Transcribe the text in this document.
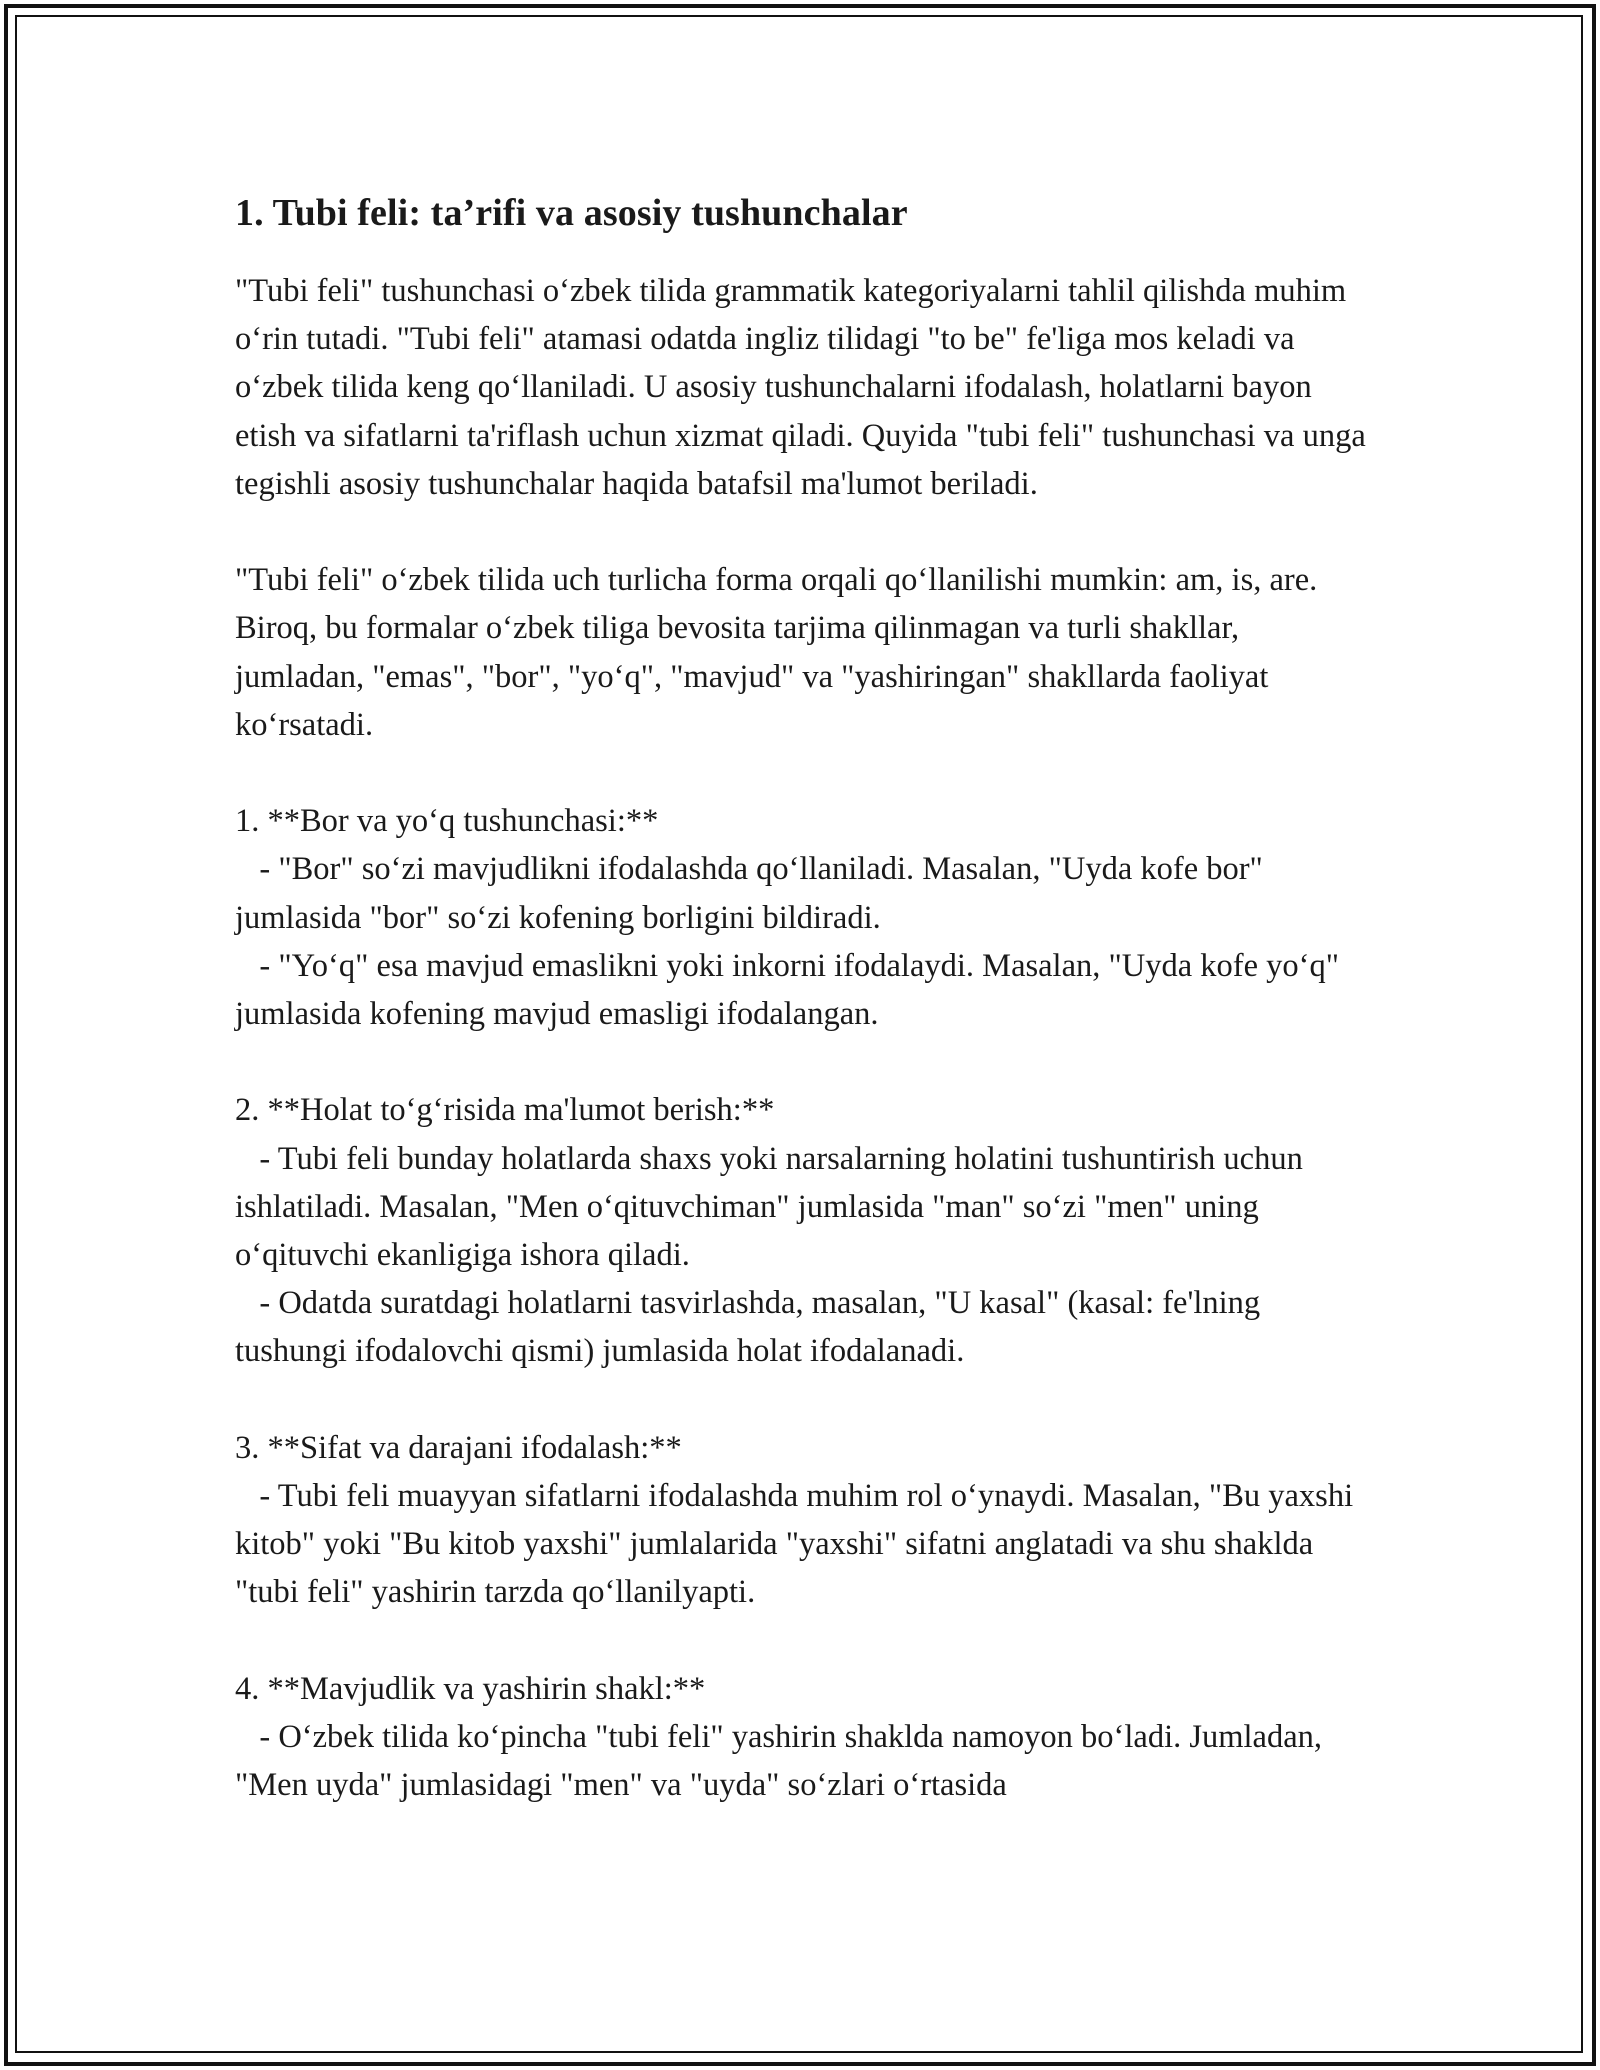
1. Tubi feli: ta’rifi va asosiy tushunchalar

"Tubi feli" tushunchasi o‘zbek tilida grammatik kategoriyalarni tahlil qilishda muhim o‘rin tutadi. "Tubi feli" atamasi odatda ingliz tilidagi "to be" fe'liga mos keladi va o‘zbek tilida keng qo‘llaniladi. U asosiy tushunchalarni ifodalash, holatlarni bayon etish va sifatlarni ta'riflash uchun xizmat qiladi. Quyida "tubi feli" tushunchasi va unga tegishli asosiy tushunchalar haqida batafsil ma'lumot beriladi.

"Tubi feli" o‘zbek tilida uch turlicha forma orqali qo‘llanilishi mumkin: am, is, are. Biroq, bu formalar o‘zbek tiliga bevosita tarjima qilinmagan va turli shakllar, jumladan, "emas", "bor", "yo‘q", "mavjud" va "yashiringan" shakllarda faoliyat ko‘rsatadi.

1. **Bor va yo‘q tushunchasi:**

- "Bor" so‘zi mavjudlikni ifodalashda qo‘llaniladi. Masalan, "Uyda kofe bor" jumlasida "bor" so‘zi kofening borligini bildiradi.

- "Yo‘q" esa mavjud emaslikni yoki inkorni ifodalaydi. Masalan, "Uyda kofe yo‘q" jumlasida kofening mavjud emasligi ifodalangan.

2. **Holat to‘g‘risida ma'lumot berish:**

- Tubi feli bunday holatlarda shaxs yoki narsalarning holatini tushuntirish uchun ishlatiladi. Masalan, "Men o‘qituvchiman" jumlasida "man" so‘zi "men" uning o‘qituvchi ekanligiga ishora qiladi.

- Odatda suratdagi holatlarni tasvirlashda, masalan, "U kasal" (kasal: fe'lning tushungi ifodalovchi qismi) jumlasida holat ifodalanadi.

3. **Sifat va darajani ifodalash:**

- Tubi feli muayyan sifatlarni ifodalashda muhim rol o‘ynaydi. Masalan, "Bu yaxshi kitob" yoki "Bu kitob yaxshi" jumlalarida "yaxshi" sifatni anglatadi va shu shaklda "tubi feli" yashirin tarzda qo‘llanilyapti.

4. **Mavjudlik va yashirin shakl:**

- O‘zbek tilida ko‘pincha "tubi feli" yashirin shaklda namoyon bo‘ladi. Jumladan, "Men uyda" jumlasidagi "men" va "uyda" so‘zlari o‘rtasida
